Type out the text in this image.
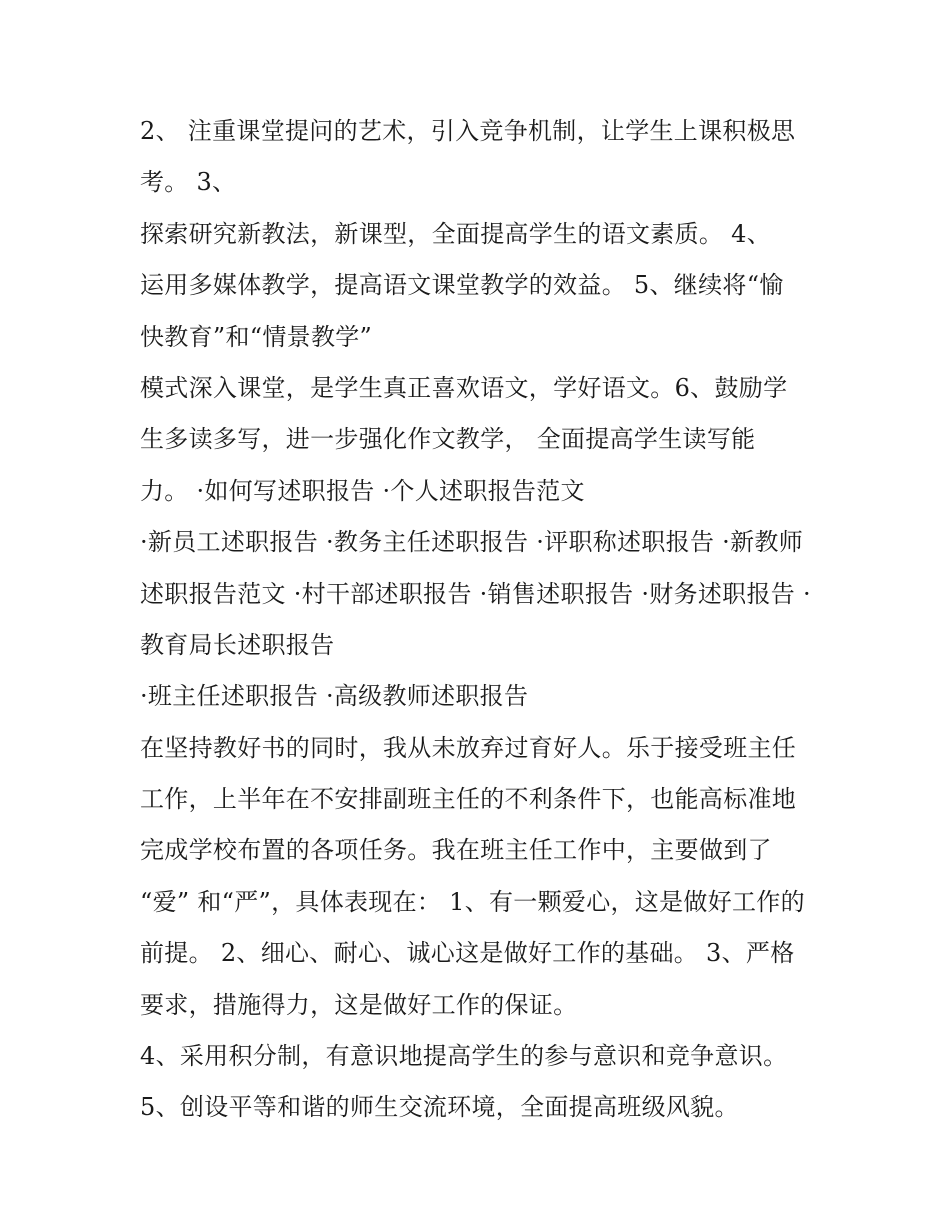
2、 注重课堂提问的艺术，引入竞争机制，让学生上课积极思
考。 3、
探索研究新教法，新课型，全面提高学生的语文素质。 4、
运用多媒体教学，提高语文课堂教学的效益。 5、继续将“愉
快教育”和“情景教学”
模式深入课堂，是学生真正喜欢语文，学好语文。6、鼓励学
生多读多写，进一步强化作文教学， 全面提高学生读写能
力。 ·如何写述职报告 ·个人述职报告范文
·新员工述职报告 ·教务主任述职报告 ·评职称述职报告 ·新教师
述职报告范文 ·村干部述职报告 ·销售述职报告 ·财务述职报告 ·
教育局长述职报告
·班主任述职报告 ·高级教师述职报告
在坚持教好书的同时，我从未放弃过育好人。乐于接受班主任
工作，上半年在不安排副班主任的不利条件下，也能高标准地
完成学校布置的各项任务。我在班主任工作中，主要做到了
“爱” 和“严”，具体表现在： 1、有一颗爱心，这是做好工作的
前提。 2、细心、耐心、诚心这是做好工作的基础。 3、严格
要求，措施得力，这是做好工作的保证。
4、采用积分制，有意识地提高学生的参与意识和竞争意识。
5、创设平等和谐的师生交流环境，全面提高班级风貌。
